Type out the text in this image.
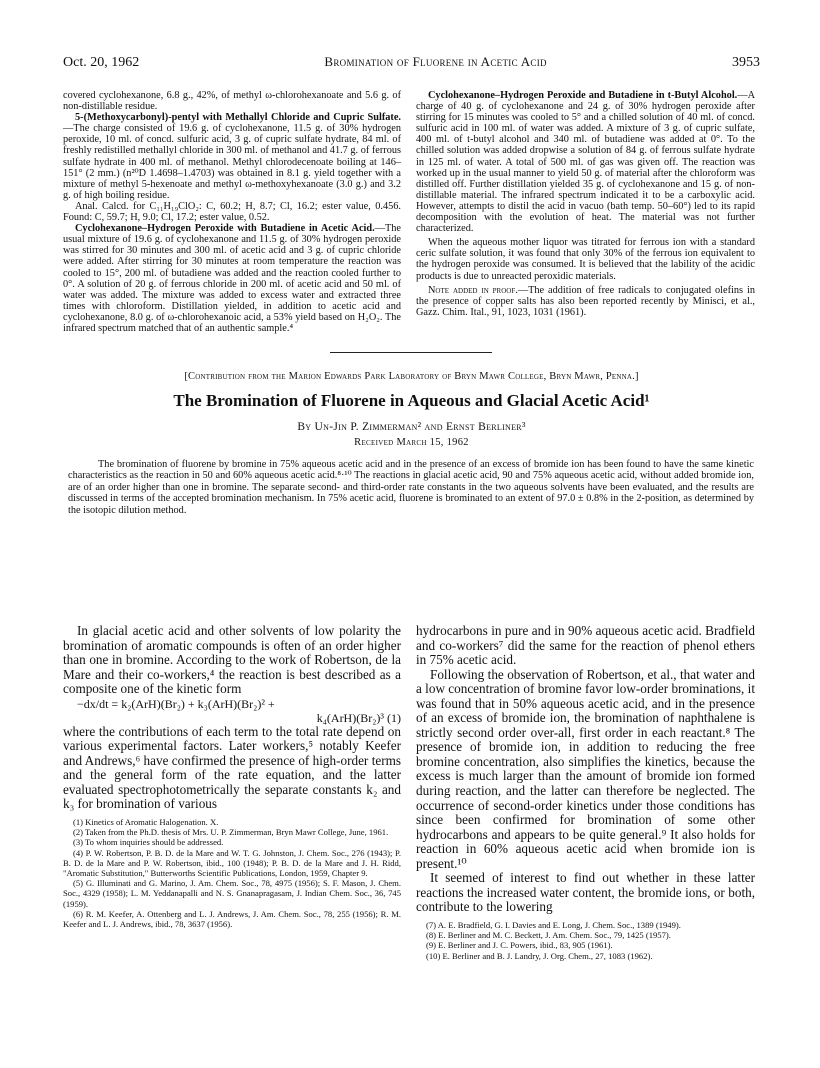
Oct. 20, 1962	Bromination of Fluorene in Acetic Acid	3953

covered cyclohexanone, 6.8 g., 42%, of methyl ω-chlorohexanoate and 5.6 g. of non-distillable residue.

5-(Methoxycarbonyl)-pentyl with Methallyl Chloride and Cupric Sulfate.—The charge consisted of 19.6 g. of cyclohexanone, 11.5 g. of 30% hydrogen peroxide, 10 ml. of concd. sulfuric acid, 3 g. of cupric sulfate hydrate, 84 ml. of freshly redistilled methallyl chloride in 300 ml. of methanol and 41.7 g. of ferrous sulfate hydrate in 400 ml. of methanol. Methyl chlorodecenoate boiling at 146–151° (2 mm.) (n²⁰D 1.4698–1.4703) was obtained in 8.1 g. yield together with a mixture of methyl 5-hexenoate and methyl ω-methoxyhexanoate (3.0 g.) and 3.2 g. of high boiling residue.

Anal. Calcd. for C₁₁H₁₉ClO₂: C, 60.2; H, 8.7; Cl, 16.2; ester value, 0.456. Found: C, 59.7; H, 9.0; Cl, 17.2; ester value, 0.52.

Cyclohexanone–Hydrogen Peroxide with Butadiene in Acetic Acid.—The usual mixture of 19.6 g. of cyclohexanone and 11.5 g. of 30% hydrogen peroxide was stirred for 30 minutes and 300 ml. of acetic acid and 3 g. of cupric chloride were added. After stirring for 30 minutes at room temperature the reaction was cooled to 15°, 200 ml. of butadiene was added and the reaction cooled further to 0°. A solution of 20 g. of ferrous chloride in 200 ml. of acetic acid and 50 ml. of water was added. The mixture was added to excess water and extracted three times with chloroform. Distillation yielded, in addition to acetic acid and cyclohexanone, 8.0 g. of ω-chlorohexanoic acid, a 53% yield based on H₂O₂. The infrared spectrum matched that of an authentic sample.⁴

Cyclohexanone–Hydrogen Peroxide and Butadiene in t-Butyl Alcohol.—A charge of 40 g. of cyclohexanone and 24 g. of 30% hydrogen peroxide after stirring for 15 minutes was cooled to 5° and a chilled solution of 40 ml. of concd. sulfuric acid in 100 ml. of water was added. A mixture of 3 g. of cupric sulfate, 400 ml. of t-butyl alcohol and 340 ml. of butadiene was added at 0°. To the chilled solution was added dropwise a solution of 84 g. of ferrous sulfate hydrate in 125 ml. of water. A total of 500 ml. of gas was given off. The reaction was worked up in the usual manner to yield 50 g. of material after the chloroform was distilled off. Further distillation yielded 35 g. of cyclohexanone and 15 g. of non-distillable material. The infrared spectrum indicated it to be a carboxylic acid. However, attempts to distil the acid in vacuo (bath temp. 50–60°) led to its rapid decomposition with the evolution of heat. The material was not further characterized.

When the aqueous mother liquor was titrated for ferrous ion with a standard ceric sulfate solution, it was found that only 30% of the ferrous ion equivalent to the hydrogen peroxide was consumed. It is believed that the lability of the acidic products is due to unreacted peroxidic materials.

Note added in proof.—The addition of free radicals to conjugated olefins in the presence of copper salts has also been reported recently by Minisci, et al., Gazz. Chim. Ital., 91, 1023, 1031 (1961).

[Contribution from the Marion Edwards Park Laboratory of Bryn Mawr College, Bryn Mawr, Penna.]
The Bromination of Fluorene in Aqueous and Glacial Acetic Acid¹
By Un-Jin P. Zimmerman² and Ernst Berliner³
Received March 15, 1962

The bromination of fluorene by bromine in 75% aqueous acetic acid and in the presence of an excess of bromide ion has been found to have the same kinetic characteristics as the reaction in 50 and 60% aqueous acetic acid.⁸·¹⁰ The reactions in glacial acetic acid, 90 and 75% aqueous acetic acid, without added bromide ion, are of an order higher than one in bromine. The separate second- and third-order rate constants in the two aqueous solvents have been evaluated, and the results are discussed in terms of the accepted bromination mechanism. In 75% acetic acid, fluorene is brominated to an extent of 97.0 ± 0.8% in the 2-position, as determined by the isotopic dilution method.

In glacial acetic acid and other solvents of low polarity the bromination of aromatic compounds is often of an order higher than one in bromine. According to the work of Robertson, de la Mare and their co-workers,⁴ the reaction is best described as a composite one of the kinetic form

−dx/dt = k₂(ArH)(Br₂) + k₃(ArH)(Br₂)² +

k₄(ArH)(Br₂)³ (1)

where the contributions of each term to the total rate depend on various experimental factors. Later workers,⁵ notably Keefer and Andrews,⁶ have confirmed the presence of high-order terms and the general form of the rate equation, and the latter evaluated spectrophotometrically the separate constants k₂ and k₃ for bromination of various

(1) Kinetics of Aromatic Halogenation. X.
(2) Taken from the Ph.D. thesis of Mrs. U. P. Zimmerman, Bryn Mawr College, June, 1961.
(3) To whom inquiries should be addressed.
(4) P. W. Robertson, P. B. D. de la Mare and W. T. G. Johnston, J. Chem. Soc., 276 (1943); P. B. D. de la Mare and P. W. Robertson, ibid., 100 (1948); P. B. D. de la Mare and J. H. Ridd, "Aromatic Substitution," Butterworths Scientific Publications, London, 1959, Chapter 9.
(5) G. Illuminati and G. Marino, J. Am. Chem. Soc., 78, 4975 (1956); S. F. Mason, J. Chem. Soc., 4329 (1958); L. M. Yeddanapalli and N. S. Gnanapragasam, J. Indian Chem. Soc., 36, 745 (1959).
(6) R. M. Keefer, A. Ottenberg and L. J. Andrews, J. Am. Chem. Soc., 78, 255 (1956); R. M. Keefer and L. J. Andrews, ibid., 78, 3637 (1956).

hydrocarbons in pure and in 90% aqueous acetic acid. Bradfield and co-workers⁷ did the same for the reaction of phenol ethers in 75% acetic acid.

Following the observation of Robertson, et al., that water and a low concentration of bromine favor low-order brominations, it was found that in 50% aqueous acetic acid, and in the presence of an excess of bromide ion, the bromination of naphthalene is strictly second order over-all, first order in each reactant.⁸ The presence of bromide ion, in addition to reducing the free bromine concentration, also simplifies the kinetics, because the excess is much larger than the amount of bromide ion formed during reaction, and the latter can therefore be neglected. The occurrence of second-order kinetics under those conditions has since been confirmed for bromination of some other hydrocarbons and appears to be quite general.⁹ It also holds for reaction in 60% aqueous acetic acid when bromide ion is present.¹⁰

It seemed of interest to find out whether in these latter reactions the increased water content, the bromide ions, or both, contribute to the lowering

(7) A. E. Bradfield, G. I. Davies and E. Long, J. Chem. Soc., 1389 (1949).
(8) E. Berliner and M. C. Beckett, J. Am. Chem. Soc., 79, 1425 (1957).
(9) E. Berliner and J. C. Powers, ibid., 83, 905 (1961).
(10) E. Berliner and B. J. Landry, J. Org. Chem., 27, 1083 (1962).
